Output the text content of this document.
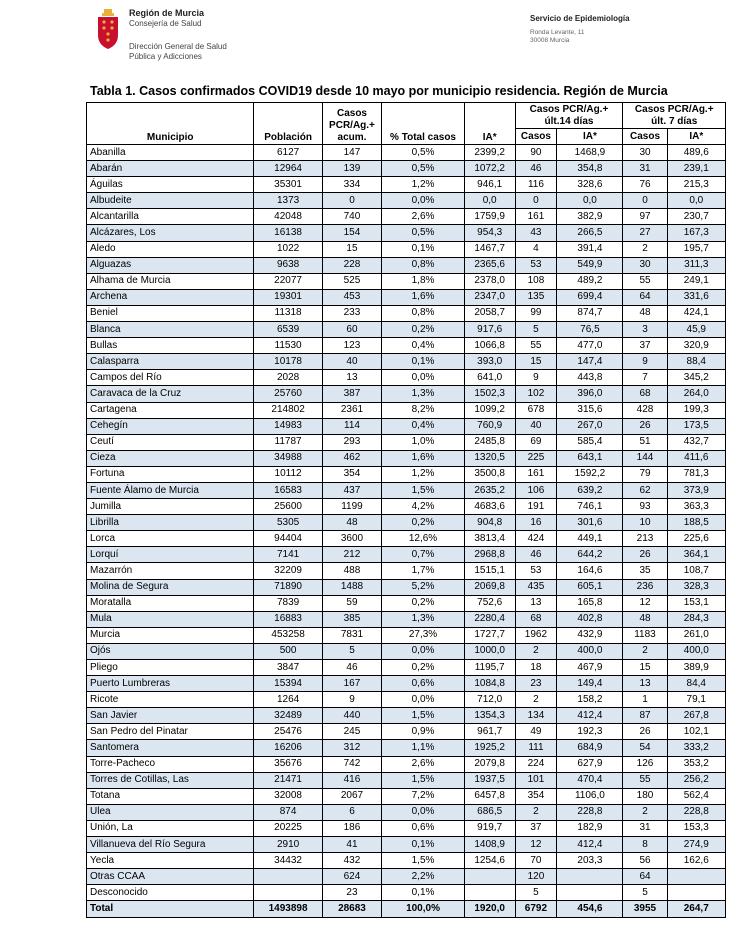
Región de Murcia
Consejería de Salud
Dirección General de Salud
Pública y Adicciones
Servicio de Epidemiología
Ronda Levante, 11
30008 Murcia
Tabla 1. Casos confirmados COVID19 desde 10 mayo por municipio residencia. Región de Murcia
Municipio	Población	Casos PCR/Ag.+ acum.	% Total casos	IA*	Casos PCR/Ag.+ últ.14 días		Casos PCR/Ag.+ últ. 7 días	
					Casos	IA*	Casos	IA*
Abanilla	6127	147	0,5%	2399,2	90	1468,9	30	489,6
Abarán	12964	139	0,5%	1072,2	46	354,8	31	239,1
Águilas	35301	334	1,2%	946,1	116	328,6	76	215,3
Albudeite	1373	0	0,0%	0,0	0	0,0	0	0,0
Alcantarilla	42048	740	2,6%	1759,9	161	382,9	97	230,7
Alcázares, Los	16138	154	0,5%	954,3	43	266,5	27	167,3
Aledo	1022	15	0,1%	1467,7	4	391,4	2	195,7
Alguazas	9638	228	0,8%	2365,6	53	549,9	30	311,3
Alhama de Murcia	22077	525	1,8%	2378,0	108	489,2	55	249,1
Archena	19301	453	1,6%	2347,0	135	699,4	64	331,6
Beniel	11318	233	0,8%	2058,7	99	874,7	48	424,1
Blanca	6539	60	0,2%	917,6	5	76,5	3	45,9
Bullas	11530	123	0,4%	1066,8	55	477,0	37	320,9
Calasparra	10178	40	0,1%	393,0	15	147,4	9	88,4
Campos del Río	2028	13	0,0%	641,0	9	443,8	7	345,2
Caravaca de la Cruz	25760	387	1,3%	1502,3	102	396,0	68	264,0
Cartagena	214802	2361	8,2%	1099,2	678	315,6	428	199,3
Cehegín	14983	114	0,4%	760,9	40	267,0	26	173,5
Ceutí	11787	293	1,0%	2485,8	69	585,4	51	432,7
Cieza	34988	462	1,6%	1320,5	225	643,1	144	411,6
Fortuna	10112	354	1,2%	3500,8	161	1592,2	79	781,3
Fuente Álamo de Murcia	16583	437	1,5%	2635,2	106	639,2	62	373,9
Jumilla	25600	1199	4,2%	4683,6	191	746,1	93	363,3
Librilla	5305	48	0,2%	904,8	16	301,6	10	188,5
Lorca	94404	3600	12,6%	3813,4	424	449,1	213	225,6
Lorquí	7141	212	0,7%	2968,8	46	644,2	26	364,1
Mazarrón	32209	488	1,7%	1515,1	53	164,6	35	108,7
Molina de Segura	71890	1488	5,2%	2069,8	435	605,1	236	328,3
Moratalla	7839	59	0,2%	752,6	13	165,8	12	153,1
Mula	16883	385	1,3%	2280,4	68	402,8	48	284,3
Murcia	453258	7831	27,3%	1727,7	1962	432,9	1183	261,0
Ojós	500	5	0,0%	1000,0	2	400,0	2	400,0
Pliego	3847	46	0,2%	1195,7	18	467,9	15	389,9
Puerto Lumbreras	15394	167	0,6%	1084,8	23	149,4	13	84,4
Ricote	1264	9	0,0%	712,0	2	158,2	1	79,1
San Javier	32489	440	1,5%	1354,3	134	412,4	87	267,8
San Pedro del Pinatar	25476	245	0,9%	961,7	49	192,3	26	102,1
Santomera	16206	312	1,1%	1925,2	111	684,9	54	333,2
Torre-Pacheco	35676	742	2,6%	2079,8	224	627,9	126	353,2
Torres de Cotillas, Las	21471	416	1,5%	1937,5	101	470,4	55	256,2
Totana	32008	2067	7,2%	6457,8	354	1106,0	180	562,4
Ulea	874	6	0,0%	686,5	2	228,8	2	228,8
Unión, La	20225	186	0,6%	919,7	37	182,9	31	153,3
Villanueva del Río Segura	2910	41	0,1%	1408,9	12	412,4	8	274,9
Yecla	34432	432	1,5%	1254,6	70	203,3	56	162,6
Otras CCAA		624	2,2%		120		64	
Desconocido		23	0,1%		5		5	
Total	1493898	28683	100,0%	1920,0	6792	454,6	3955	264,7
